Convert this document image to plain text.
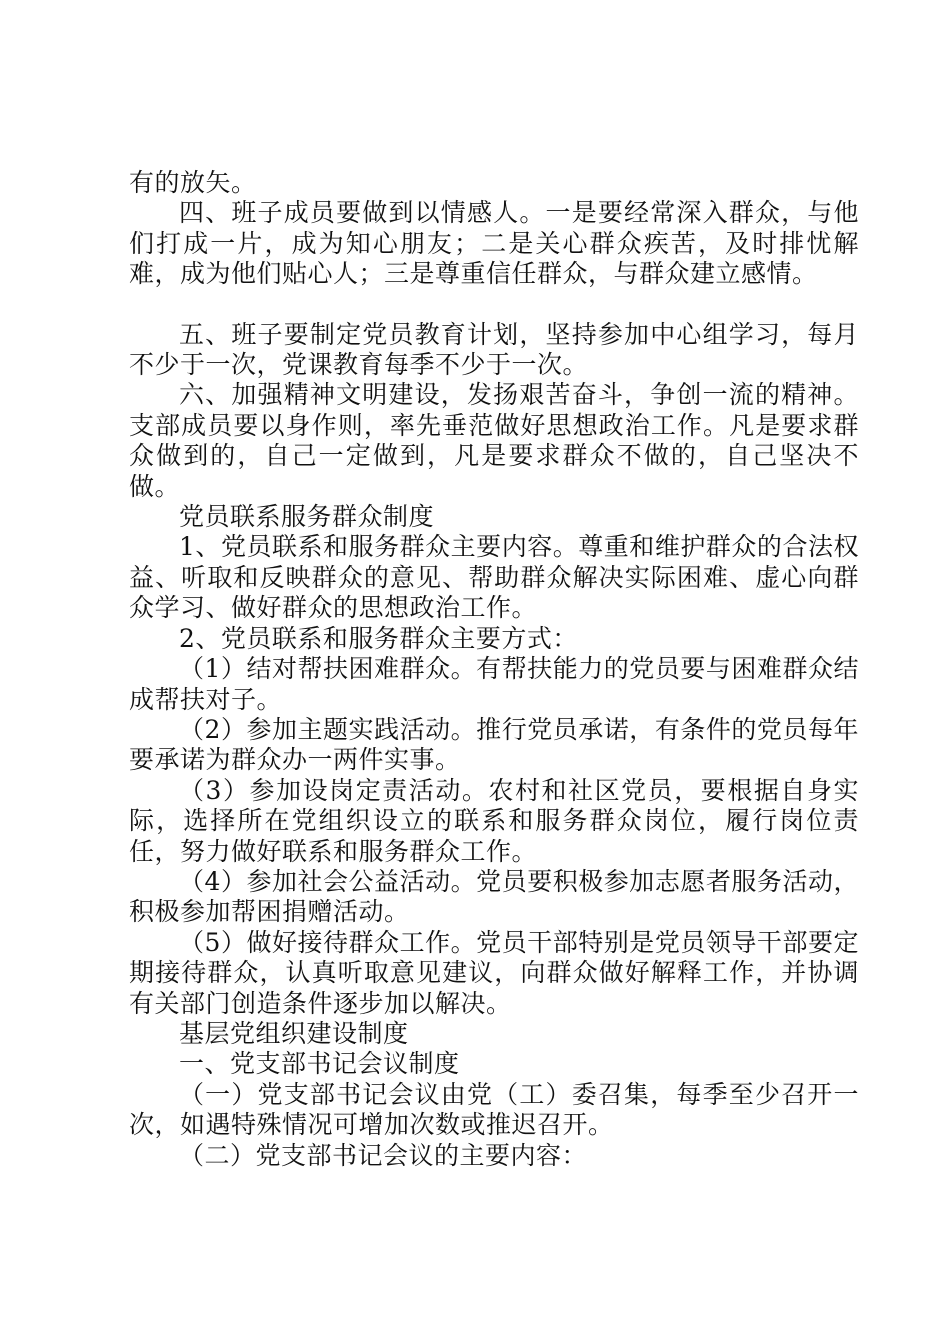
有的放矢。

四、班子成员要做到以情感人。一是要经常深入群众，与他们打成一片，成为知心朋友；二是关心群众疾苦，及时排忧解难，成为他们贴心人；三是尊重信任群众，与群众建立感情。

五、班子要制定党员教育计划，坚持参加中心组学习，每月不少于一次，党课教育每季不少于一次。

六、加强精神文明建设，发扬艰苦奋斗，争创一流的精神。支部成员要以身作则，率先垂范做好思想政治工作。凡是要求群众做到的，自己一定做到，凡是要求群众不做的，自己坚决不做。

党员联系服务群众制度

1、党员联系和服务群众主要内容。尊重和维护群众的合法权益、听取和反映群众的意见、帮助群众解决实际困难、虚心向群众学习、做好群众的思想政治工作。

2、党员联系和服务群众主要方式：

（1）结对帮扶困难群众。有帮扶能力的党员要与困难群众结成帮扶对子。

（2）参加主题实践活动。推行党员承诺，有条件的党员每年要承诺为群众办一两件实事。

（3）参加设岗定责活动。农村和社区党员，要根据自身实际，选择所在党组织设立的联系和服务群众岗位，履行岗位责任，努力做好联系和服务群众工作。

（4）参加社会公益活动。党员要积极参加志愿者服务活动，积极参加帮困捐赠活动。

（5）做好接待群众工作。党员干部特别是党员领导干部要定期接待群众，认真听取意见建议，向群众做好解释工作，并协调有关部门创造条件逐步加以解决。

基层党组织建设制度

一、党支部书记会议制度

（一）党支部书记会议由党（工）委召集，每季至少召开一次，如遇特殊情况可增加次数或推迟召开。

（二）党支部书记会议的主要内容：
